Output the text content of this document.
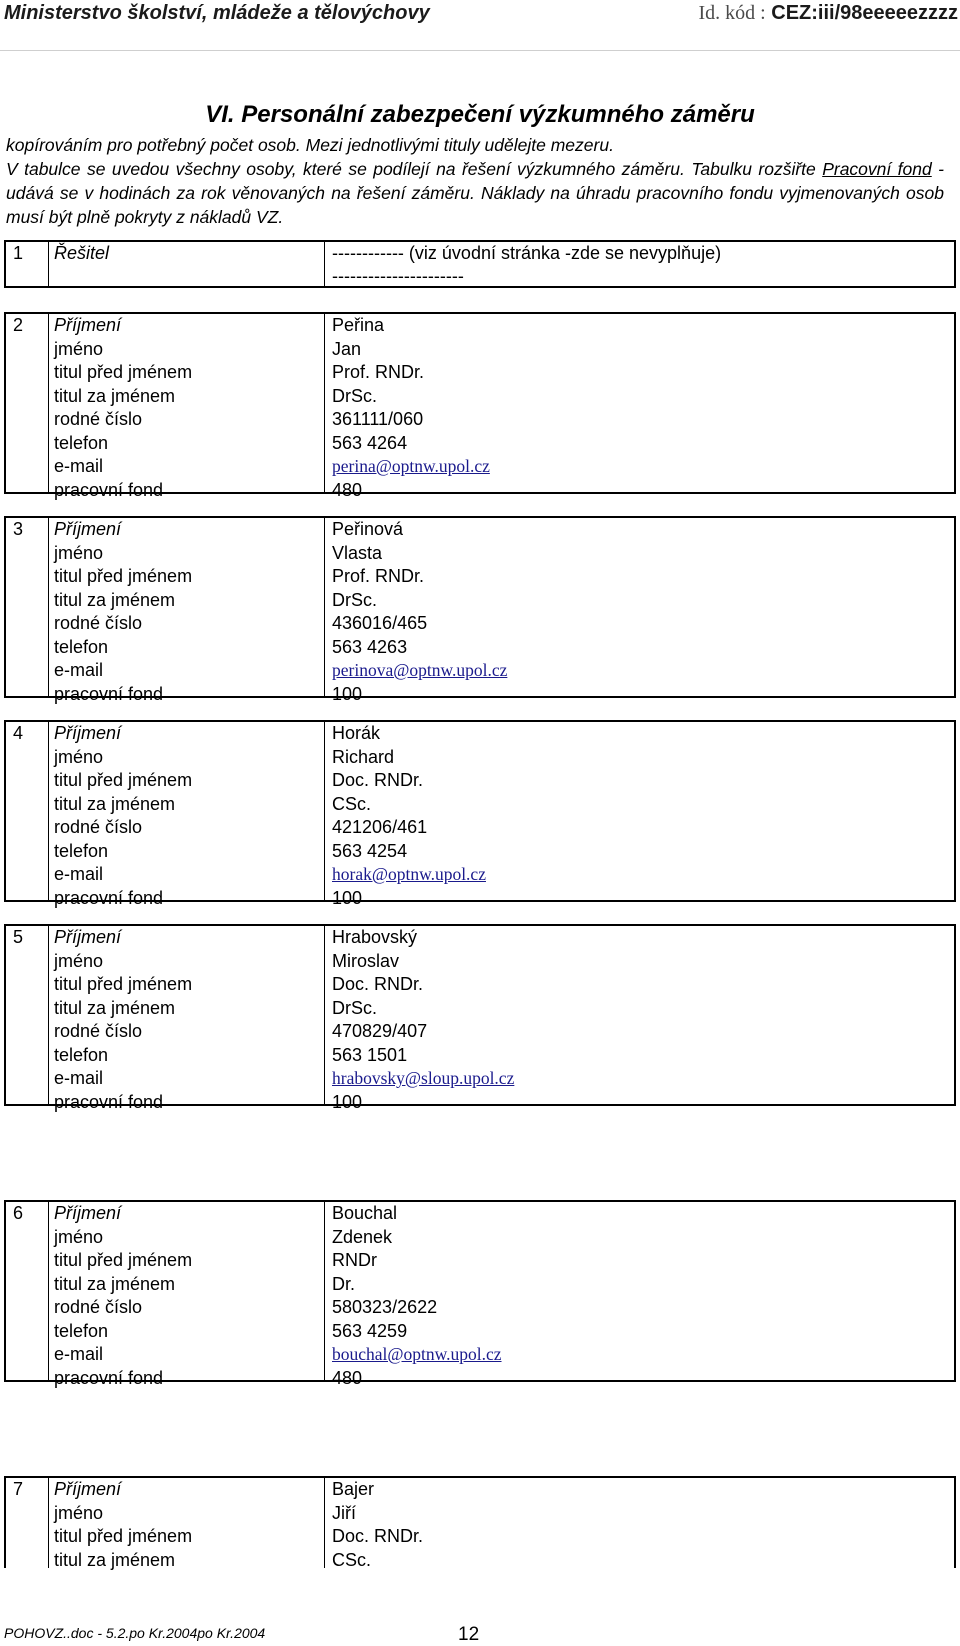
Ministerstvo školství, mládeže a tělovýchovy	Id. kód : CEZ:iii/98eeeeezzzz
VI. Personální zabezpečení výzkumného záměru
kopírováním pro potřebný počet osob. Mezi jednotlivými tituly udělejte mezeru.
V tabulce se uvedou všechny osoby, které se podílejí na řešení výzkumného záměru. Tabulku rozšiřte Pracovní fond - udává se v hodinách za rok věnovaných na řešení záměru. Náklady na úhradu pracovního fondu vyjmenovaných osob musí být plně pokryty z nákladů VZ.
1 Řešitel	------------ (viz úvodní stránka -zde se nevyplňuje)
----------------------
2 Příjmení	Peřina
jméno	Jan
titul před jménem	Prof. RNDr.
titul za jménem	DrSc.
rodné číslo	361111/060
telefon	563 4264
e-mail	perina@optnw.upol.cz
pracovní fond	480
3 Příjmení	Peřinová
jméno	Vlasta
titul před jménem	Prof. RNDr.
titul za jménem	DrSc.
rodné číslo	436016/465
telefon	563 4263
e-mail	perinova@optnw.upol.cz
pracovní fond	100
4 Příjmení	Horák
jméno	Richard
titul před jménem	Doc. RNDr.
titul za jménem	CSc.
rodné číslo	421206/461
telefon	563 4254
e-mail	horak@optnw.upol.cz
pracovní fond	100
5 Příjmení	Hrabovský
jméno	Miroslav
titul před jménem	Doc. RNDr.
titul za jménem	DrSc.
rodné číslo	470829/407
telefon	563 1501
e-mail	hrabovsky@sloup.upol.cz
pracovní fond	100
6 Příjmení	Bouchal
jméno	Zdenek
titul před jménem	RNDr
titul za jménem	Dr.
rodné číslo	580323/2622
telefon	563 4259
e-mail	bouchal@optnw.upol.cz
pracovní fond	480
7 Příjmení	Bajer
jméno	Jiří
titul před jménem	Doc. RNDr.
titul za jménem	CSc.
POHOVZ..doc - 5.2.po Kr.2004po Kr.2004	12
